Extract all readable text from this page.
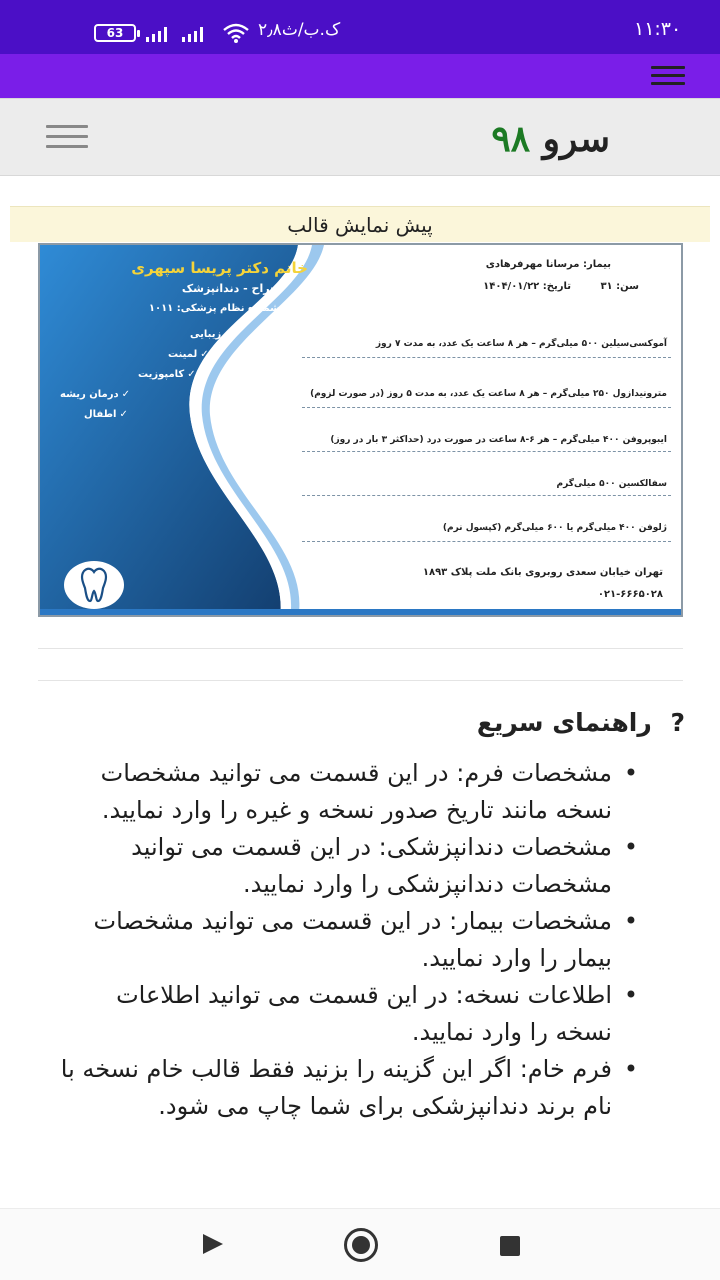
۱۱:۳۰
۲٫۸ک.ب/ث
63
سرو ۹۸
پیش نمایش قالب
خانم دکتر پریسا سپهری
جراح - دندانپزشک
شماره نظام پزشکی: ۱۰۱۱
✓زیبایی
✓لمینت
✓کامپوزیت
✓درمان ریشه
✓اطفال
بیمار: مرسانا مهرفرهادی
سن: ۳۱
تاریخ: ۱۴۰۴/۰۱/۲۲
آموکسی‌سیلین ۵۰۰ میلی‌گرم – هر ۸ ساعت یک عدد، به مدت ۷ روز
مترونیدازول ۲۵۰ میلی‌گرم – هر ۸ ساعت یک عدد، به مدت ۵ روز (در صورت لزوم)
ایبوپروفن ۴۰۰ میلی‌گرم – هر ۶-۸ ساعت در صورت درد (حداکثر ۳ بار در روز)
سفالکسین ۵۰۰ میلی‌گرم
ژلوفن ۴۰۰ میلی‌گرم یا ۶۰۰ میلی‌گرم (کپسول نرم)
تهران خیابان سعدی روبروی بانک ملت پلاک ۱۸۹۳
۰۲۱-۶۶۶۵۰۲۸
? راهنمای سریع
• مشخصات فرم: در این قسمت می توانید مشخصات نسخه مانند تاریخ صدور نسخه و غیره را وارد نمایید.
• مشخصات دندانپزشکی: در این قسمت می توانید مشخصات دندانپزشکی را وارد نمایید.
• مشخصات بیمار: در این قسمت می توانید مشخصات بیمار را وارد نمایید.
• اطلاعات نسخه: در این قسمت می توانید اطلاعات نسخه را وارد نمایید.
• فرم خام: اگر این گزینه را بزنید فقط قالب خام نسخه با نام برند دندانپزشکی برای شما چاپ می شود.
